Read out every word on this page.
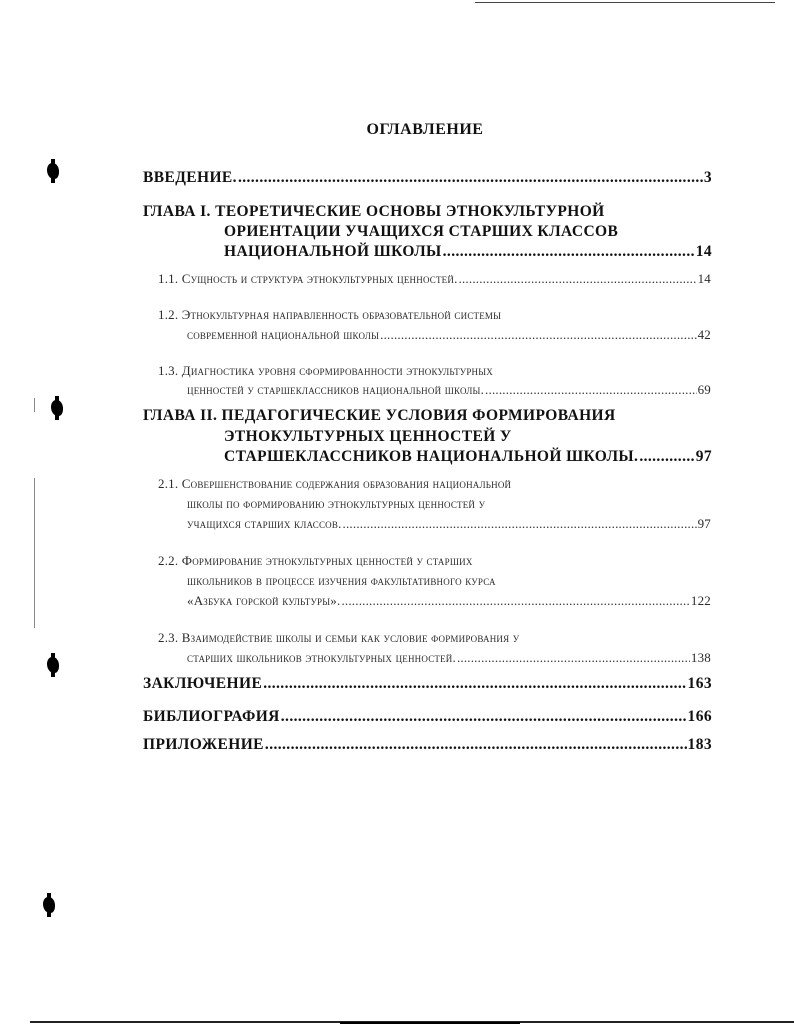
ОГЛАВЛЕНИЕ
ВВЕДЕНИЕ. .....	3
ГЛАВА I. ТЕОРЕТИЧЕСКИЕ ОСНОВЫ ЭТНОКУЛЬТУРНОЙ
ОРИЕНТАЦИИ УЧАЩИХСЯ СТАРШИХ КЛАССОВ
НАЦИОНАЛЬНОЙ ШКОЛЫ .....	14
1.1. Сущность и структура этнокультурных ценностей. .....	14
1.2. Этнокультурная направленность образовательной системы
современной национальной школы .....	42
1.3. Диагностика уровня сформированности этнокультурных
ценностей у старшеклассников национальной школы. .....	69
ГЛАВА II. ПЕДАГОГИЧЕСКИЕ УСЛОВИЯ ФОРМИРОВАНИЯ
ЭТНОКУЛЬТУРНЫХ ЦЕННОСТЕЙ У
СТАРШЕКЛАССНИКОВ НАЦИОНАЛЬНОЙ ШКОЛЫ. .....	97
2.1. Совершенствование содержания образования национальной
школы по формированию этнокультурных ценностей у
учащихся старших классов. .....	97
2.2. Формирование этнокультурных ценностей у старших
школьников в процессе изучения факультативного курса
«Азбука горской культуры». .....	122
2.3. Взаимодействие школы и семьи как условие формирования у
старших школьников этнокультурных ценностей. .....	138
ЗАКЛЮЧЕНИЕ .....	163
БИБЛИОГРАФИЯ .....	166
ПРИЛОЖЕНИЕ .....	183
